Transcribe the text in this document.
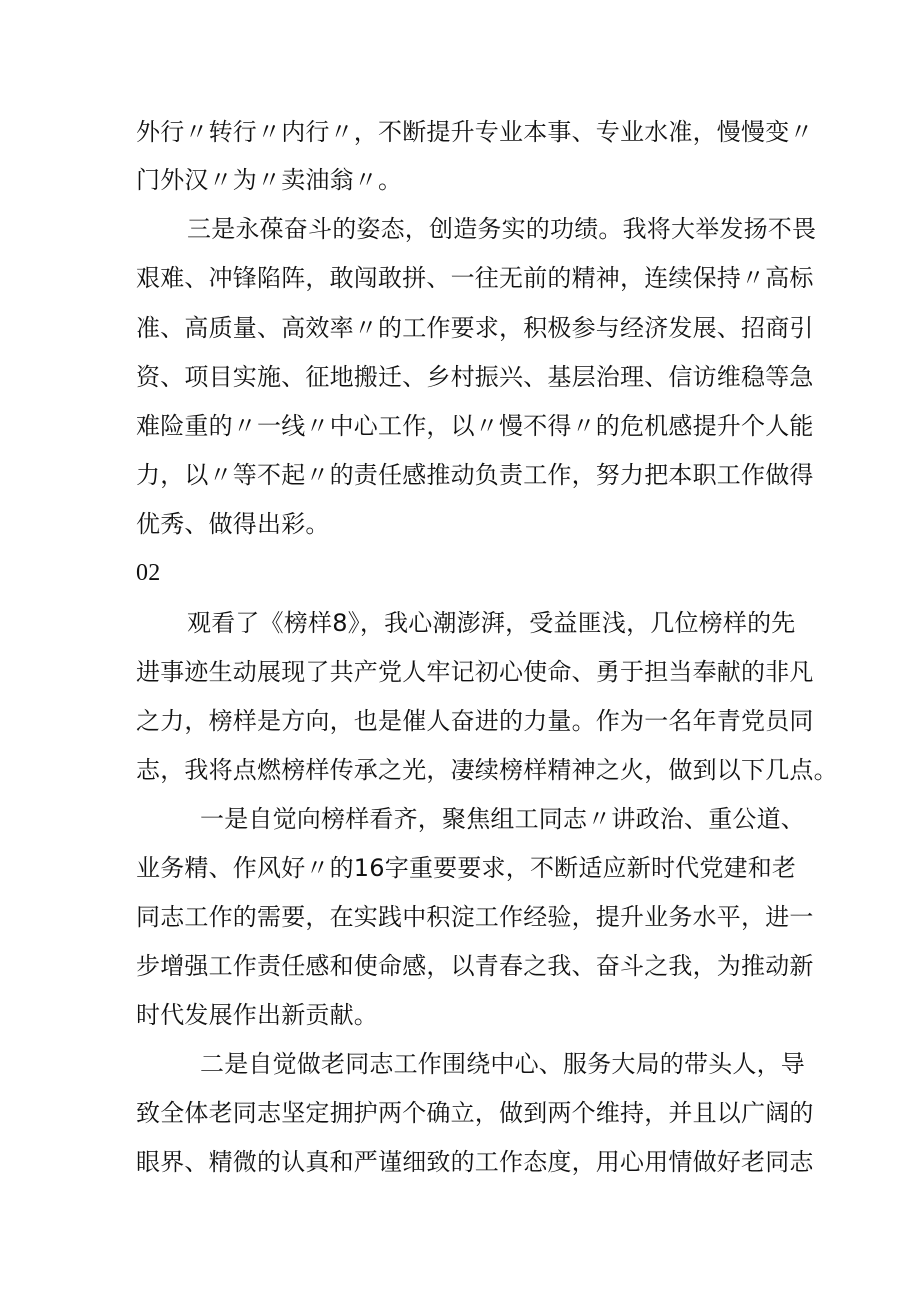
外行〃转行〃内行〃，不断提升专业本事、专业水准，慢慢变〃
门外汉〃为〃卖油翁〃。
三是永葆奋斗的姿态，创造务实的功绩。我将大举发扬不畏
艰难、冲锋陷阵，敢闯敢拼、一往无前的精神，连续保持〃高标
准、高质量、高效率〃的工作要求，积极参与经济发展、招商引
资、项目实施、征地搬迁、乡村振兴、基层治理、信访维稳等急
难险重的〃一线〃中心工作，以〃慢不得〃的危机感提升个人能
力，以〃等不起〃的责任感推动负责工作，努力把本职工作做得
优秀、做得出彩。
02
观看了《榜样8》，我心潮澎湃，受益匪浅，几位榜样的先
进事迹生动展现了共产党人牢记初心使命、勇于担当奉献的非凡
之力，榜样是方向，也是催人奋进的力量。作为一名年青党员同
志，我将点燃榜样传承之光，凄续榜样精神之火，做到以下几点。
一是自觉向榜样看齐，聚焦组工同志〃讲政治、重公道、
业务精、作风好〃的16字重要要求，不断适应新时代党建和老
同志工作的需要，在实践中积淀工作经验，提升业务水平，进一
步增强工作责任感和使命感，以青春之我、奋斗之我，为推动新
时代发展作出新贡献。
二是自觉做老同志工作围绕中心、服务大局的带头人，导
致全体老同志坚定拥护两个确立，做到两个维持，并且以广阔的
眼界、精微的认真和严谨细致的工作态度，用心用情做好老同志
